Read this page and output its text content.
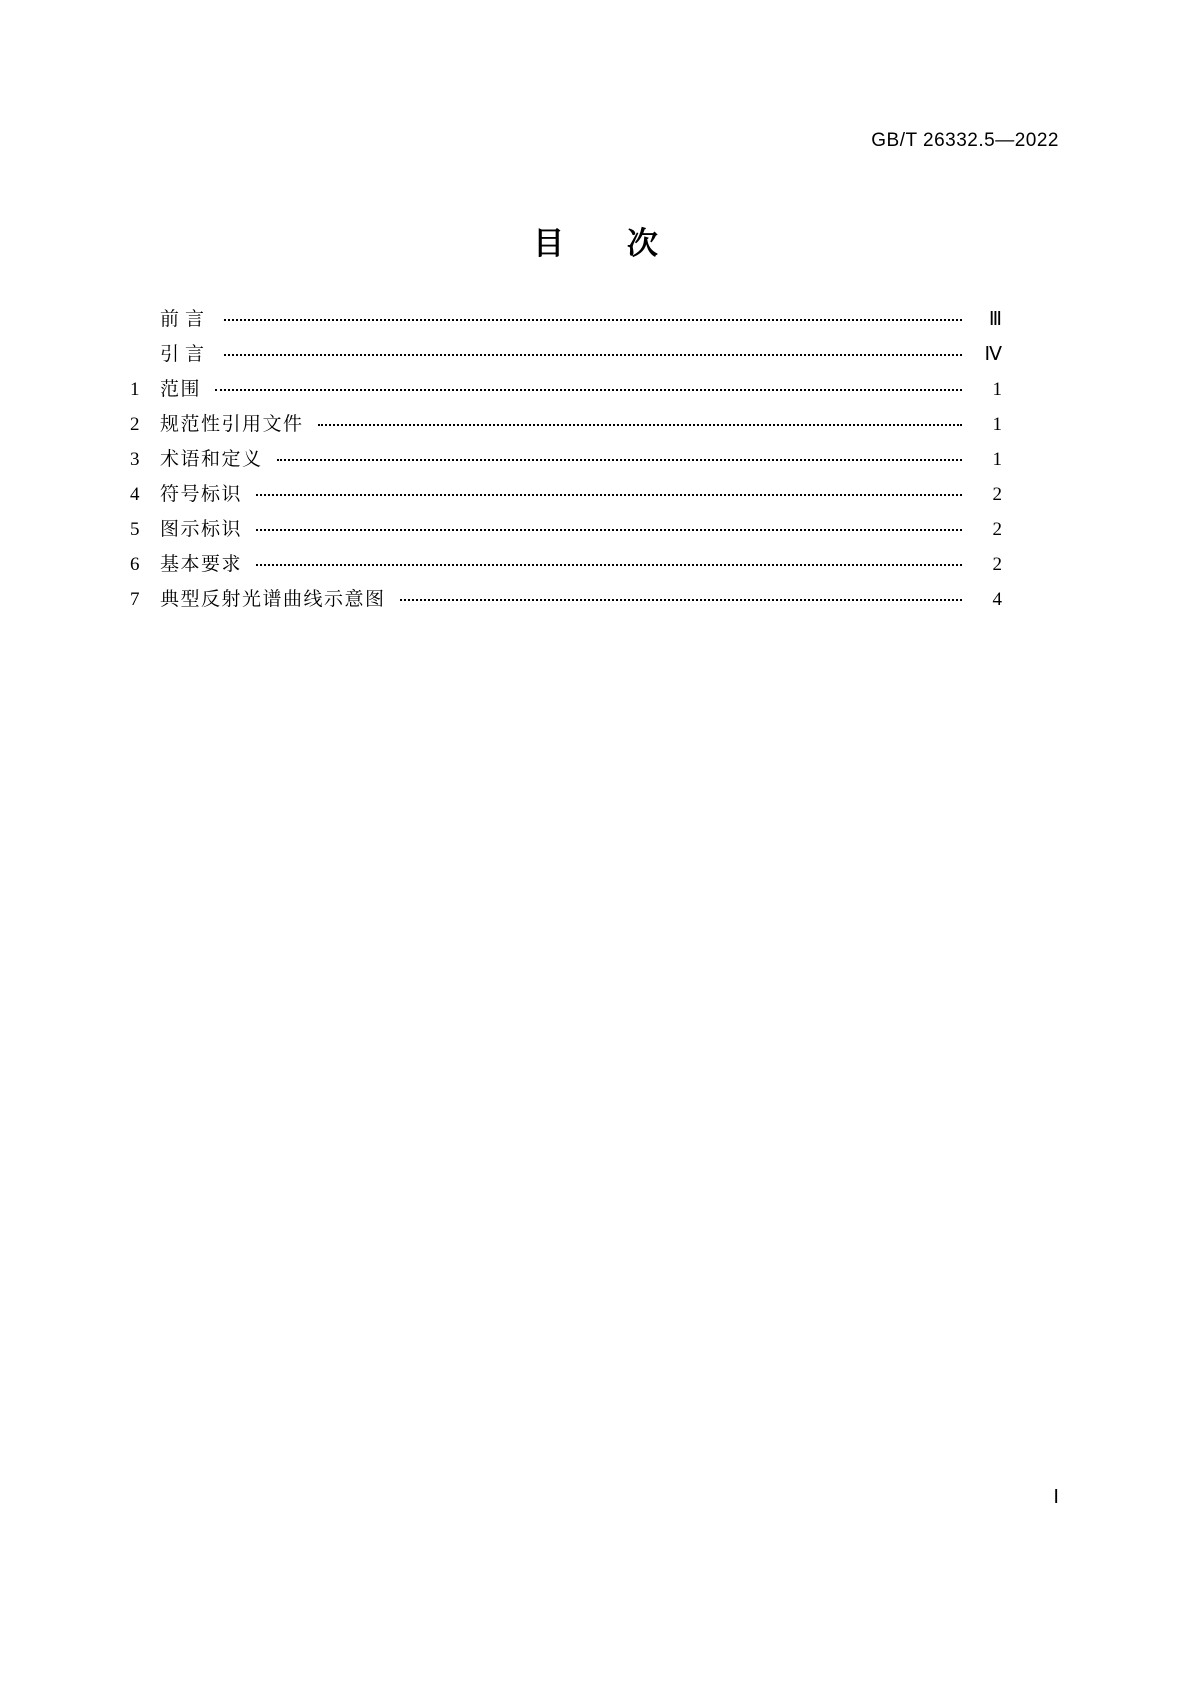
GB/T 26332.5—2022
目 次
前言	Ⅲ
引言	Ⅳ
1	范围	1
2	规范性引用文件	1
3	术语和定义	1
4	符号标识	2
5	图示标识	2
6	基本要求	2
7	典型反射光谱曲线示意图	4
Ⅰ
